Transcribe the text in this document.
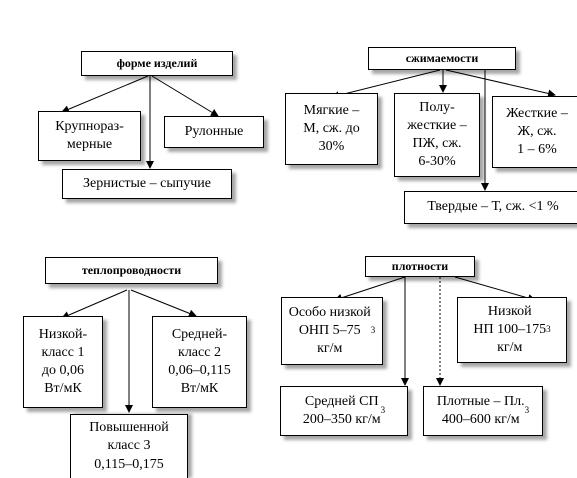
форме изделий
Крупнораз-
мерные
Рулонные
Зернистые – сыпучие
сжимаемости
Мягкие –
М, сж. до
30%
Полу-
жесткие –
ПЖ, сж.
6-30%
Жесткие –
Ж, сж.
1 – 6%
Твердые – Т, сж. <1 %
теплопроводности
Низкой-
класс 1
до 0,06
Вт/мК
Средней-
класс 2
0,06–0,115
Вт/мК
Повышенной
класс 3
0,115–0,175
плотности
Особо низкой
ОНП 5–75
кг/м
3
Низкой
НП 100–175
кг/м
3
Средней СП
200–350 кг/м
3
Плотные – Пл.
400–600 кг/м
3
